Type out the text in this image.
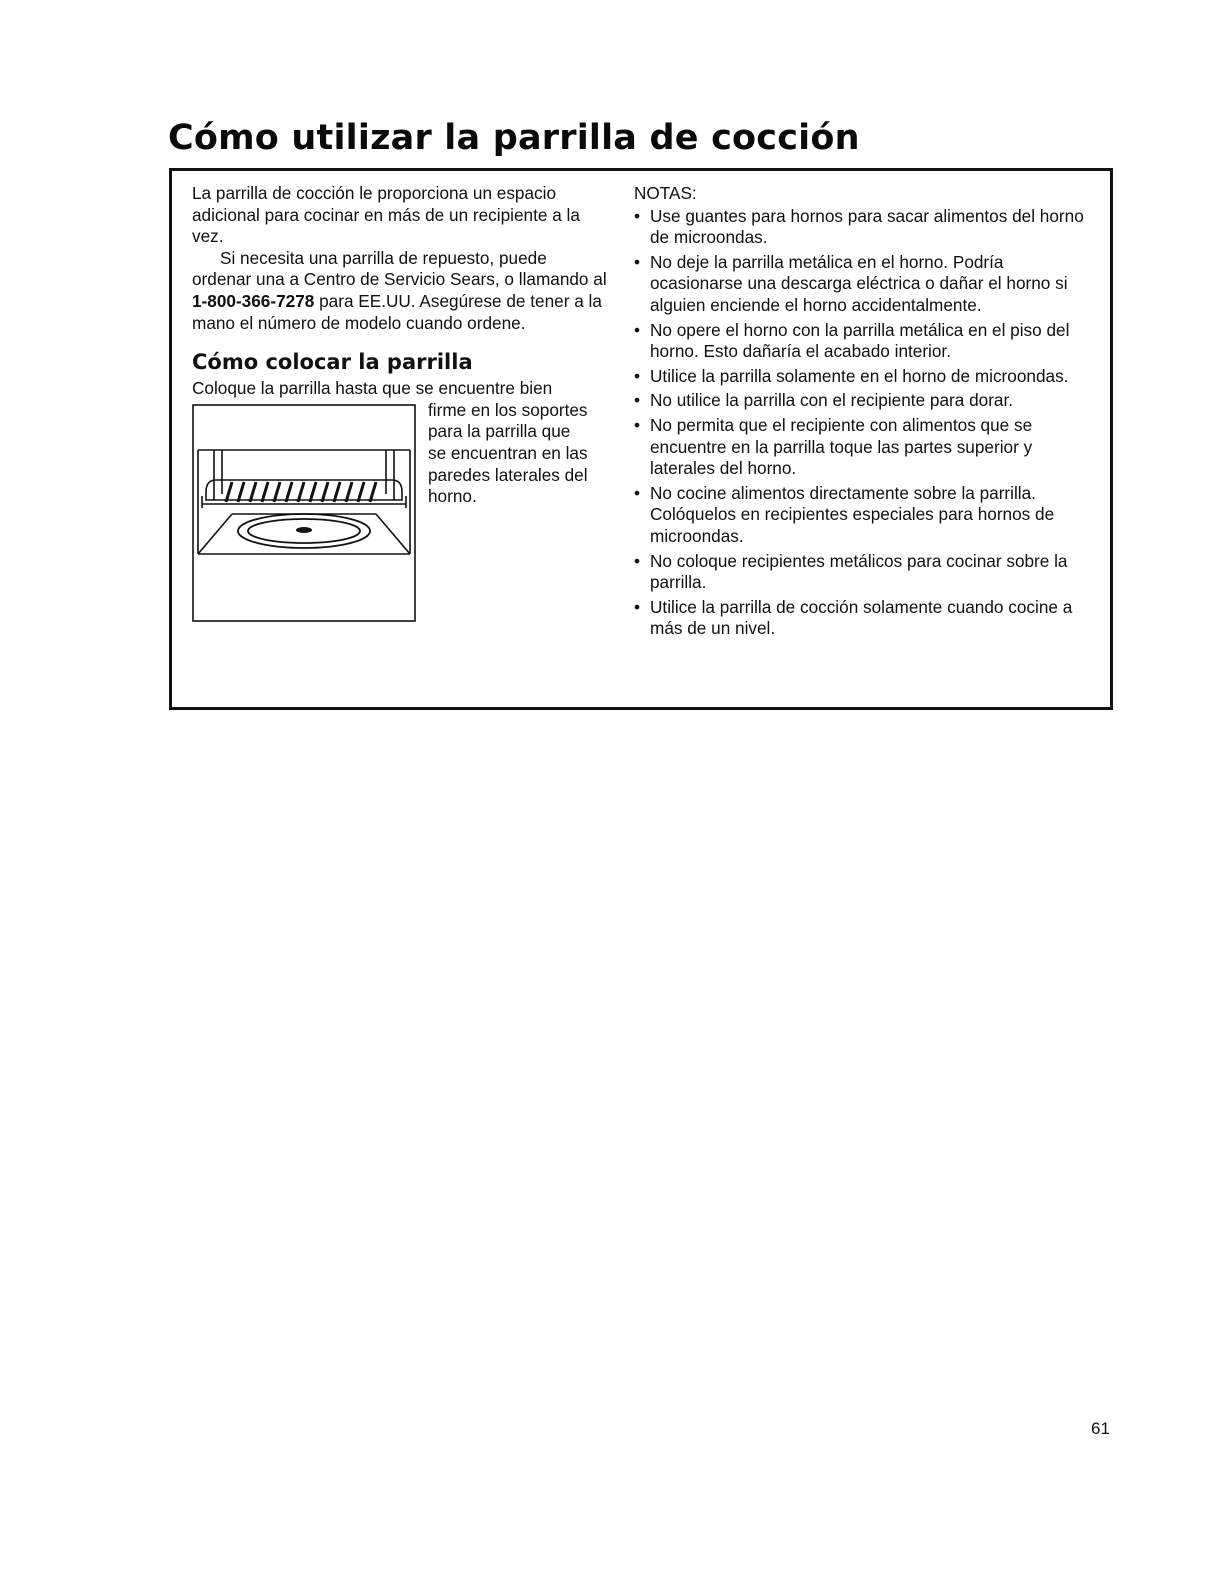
Cómo utilizar la parrilla de cocción

La parrilla de cocción le proporciona un espacio adicional para cocinar en más de un recipiente a la vez.

Si necesita una parrilla de repuesto, puede ordenar una a Centro de Servicio Sears, o llamando al 1-800-366-7278 para EE.UU. Asegúrese de tener a la mano el número de modelo cuando ordene.

Cómo colocar la parrilla
Coloque la parrilla hasta que se encuentre bien
firme en los soportes
para la parrilla que
se encuentran en las
paredes laterales del
horno.
NOTAS:
• Use guantes para hornos para sacar alimentos del horno de microondas.
• No deje la parrilla metálica en el horno. Podría ocasionarse una descarga eléctrica o dañar el horno si alguien enciende el horno accidentalmente.
• No opere el horno con la parrilla metálica en el piso del horno. Esto dañaría el acabado interior.
• Utilice la parrilla solamente en el horno de microondas.
• No utilice la parrilla con el recipiente para dorar.
• No permita que el recipiente con alimentos que se encuentre en la parrilla toque las partes superior y laterales del horno.
• No cocine alimentos directamente sobre la parrilla. Colóquelos en recipientes especiales para hornos de microondas.
• No coloque recipientes metálicos para cocinar sobre la parrilla.
• Utilice la parrilla de cocción solamente cuando cocine a más de un nivel.
61
